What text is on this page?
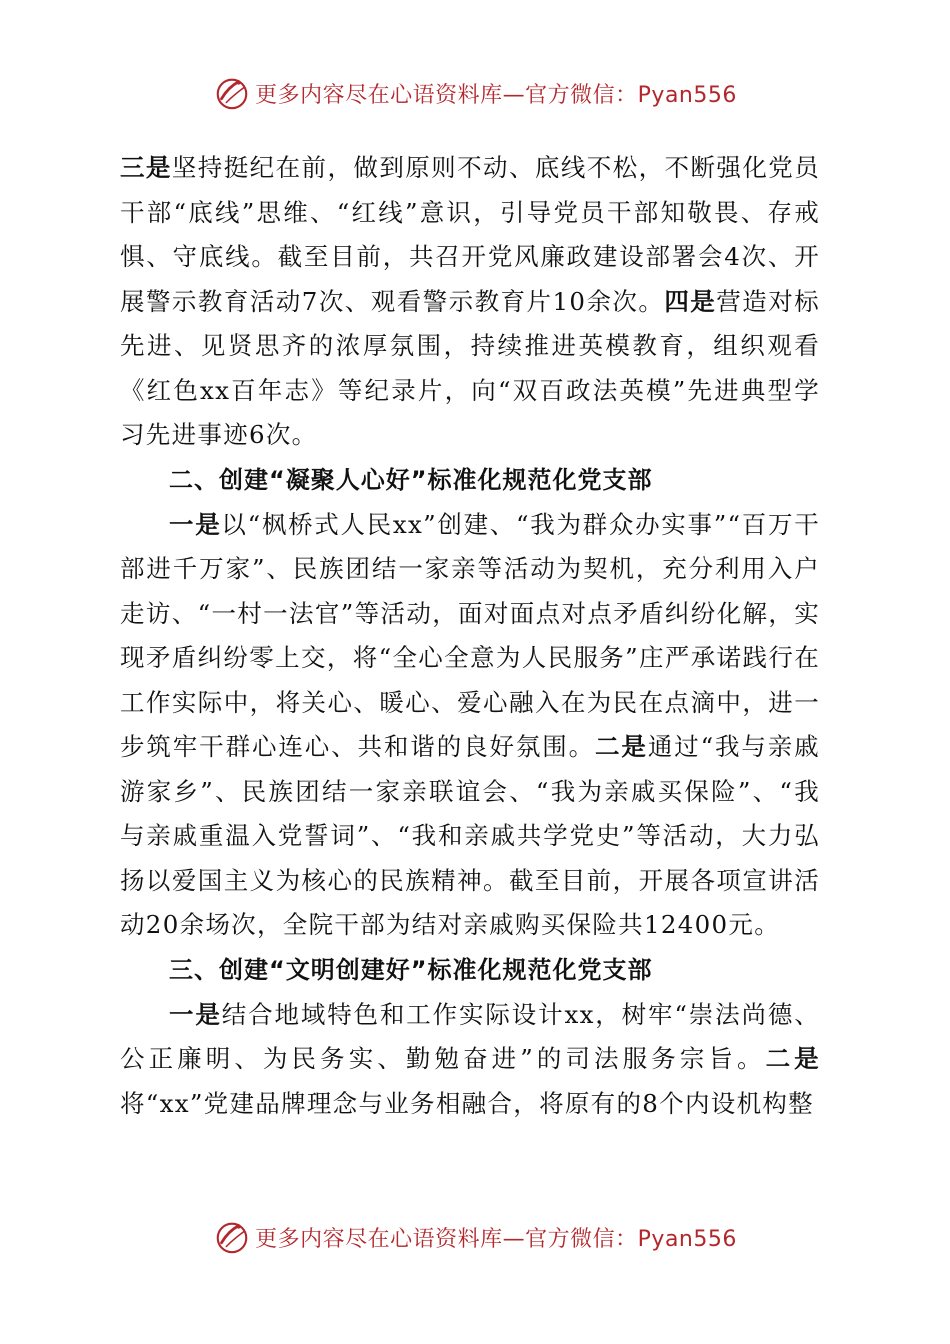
更多内容尽在心语资料库—官方微信：Pyan556

三是坚持挺纪在前，做到原则不动、底线不松，不断强化党员干部“底线”思维、“红线”意识，引导党员干部知敬畏、存戒惧、守底线。截至目前，共召开党风廉政建设部署会4次、开展警示教育活动7次、观看警示教育片10余次。四是营造对标先进、见贤思齐的浓厚氛围，持续推进英模教育，组织观看《红色xx百年志》等纪录片，向“双百政法英模”先进典型学习先进事迹6次。

二、创建“凝聚人心好”标准化规范化党支部

一是以“枫桥式人民xx”创建、“我为群众办实事”“百万干部进千万家”、民族团结一家亲等活动为契机，充分利用入户走访、“一村一法官”等活动，面对面点对点矛盾纠纷化解，实现矛盾纠纷零上交，将“全心全意为人民服务”庄严承诺践行在工作实际中，将关心、暖心、爱心融入在为民在点滴中，进一步筑牢干群心连心、共和谐的良好氛围。二是通过“我与亲戚游家乡”、民族团结一家亲联谊会、“我为亲戚买保险”、“我与亲戚重温入党誓词”、“我和亲戚共学党史”等活动，大力弘扬以爱国主义为核心的民族精神。截至目前，开展各项宣讲活动20余场次，全院干部为结对亲戚购买保险共12400元。

三、创建“文明创建好”标准化规范化党支部

一是结合地域特色和工作实际设计xx，树牢“崇法尚德、公正廉明、为民务实、勤勉奋进”的司法服务宗旨。二是将“xx”党建品牌理念与业务相融合，将原有的8个内设机构整

更多内容尽在心语资料库—官方微信：Pyan556
